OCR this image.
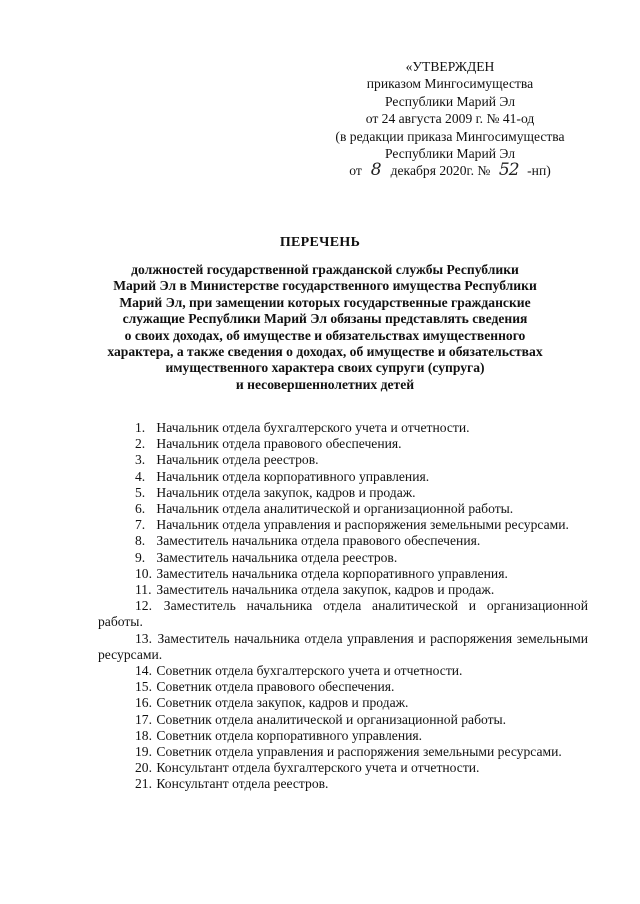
«УТВЕРЖДЕН
приказом Мингосимущества
Республики Марий Эл
от 24 августа 2009 г. № 41-од
(в редакции приказа Мингосимущества
Республики Марий Эл
от 8 декабря 2020г. № 52 -нп)
ПЕРЕЧЕНЬ
должностей государственной гражданской службы Республики
Марий Эл в Министерстве государственного имущества Республики
Марий Эл, при замещении которых государственные гражданские
служащие Республики Марий Эл обязаны представлять сведения
о своих доходах, об имуществе и обязательствах имущественного
характера, а также сведения о доходах, об имуществе и обязательствах
имущественного характера своих супруги (супруга)
и несовершеннолетних детей

1. Начальник отдела бухгалтерского учета и отчетности.

2. Начальник отдела правового обеспечения.

3. Начальник отдела реестров.

4. Начальник отдела корпоративного управления.

5. Начальник отдела закупок, кадров и продаж.

6. Начальник отдела аналитической и организационной работы.

7. Начальник отдела управления и распоряжения земельными ресурсами.

8. Заместитель начальника отдела правового обеспечения.

9. Заместитель начальника отдела реестров.

10. Заместитель начальника отдела корпоративного управления.

11. Заместитель начальника отдела закупок, кадров и продаж.

12. Заместитель начальника отдела аналитической и организационной работы.

13. Заместитель начальника отдела управления и распоряжения земельными ресурсами.

14. Советник отдела бухгалтерского учета и отчетности.

15. Советник отдела правового обеспечения.

16. Советник отдела закупок, кадров и продаж.

17. Советник отдела аналитической и организационной работы.

18. Советник отдела корпоративного управления.

19. Советник отдела управления и распоряжения земельными ресурсами.

20. Консультант отдела бухгалтерского учета и отчетности.

21. Консультант отдела реестров.
